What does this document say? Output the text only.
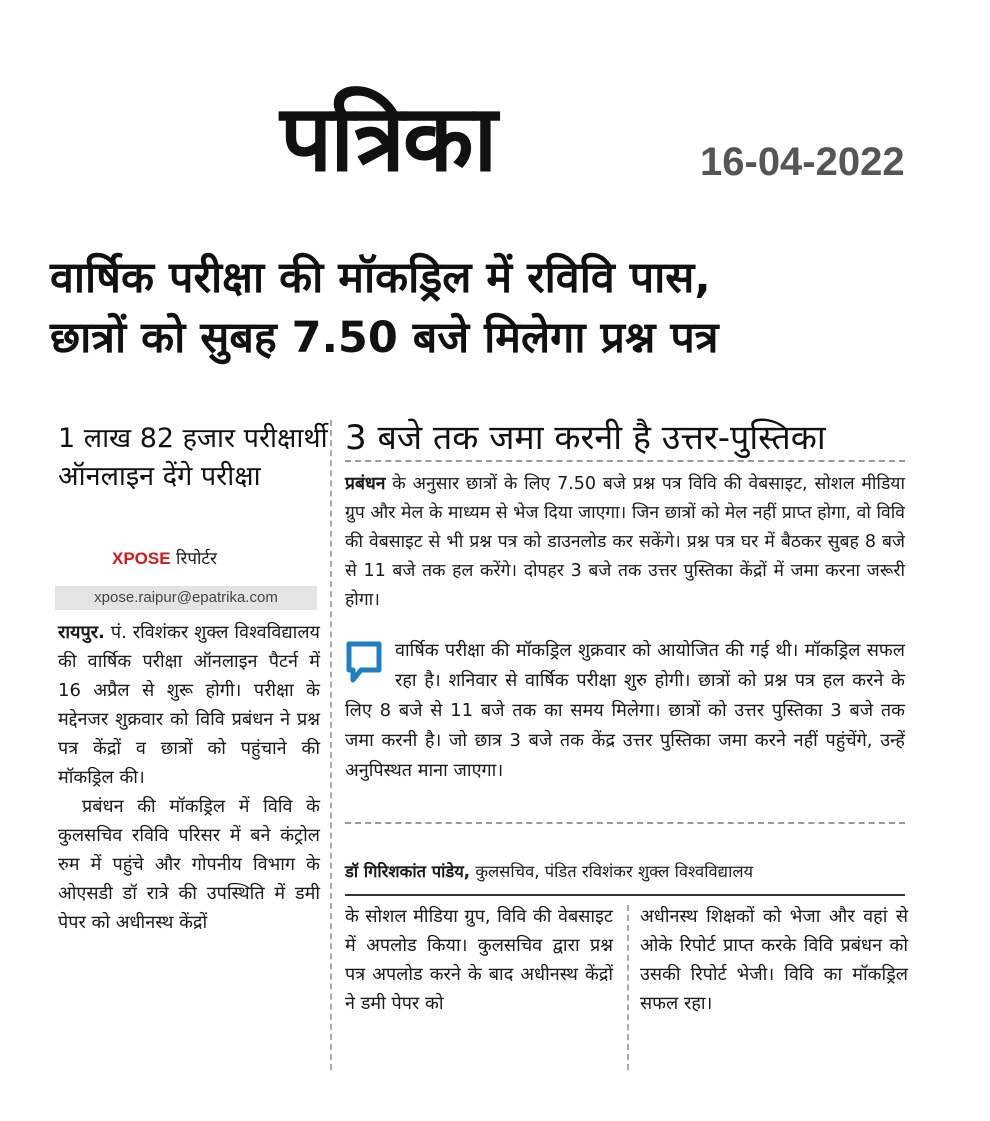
पत्रिका	16-04-2022
वार्षिक परीक्षा की मॉकड्रिल में रविवि पास,
छात्रों को सुबह 7.50 बजे मिलेगा प्रश्न पत्र
1 लाख 82 हजार परीक्षार्थी ऑनलाइन देंगे परीक्षा
XPOSE रिपोर्टर
xpose.raipur@epatrika.com

रायपुर. पं. रविशंकर शुक्ल विश्वविद्यालय की वार्षिक परीक्षा ऑनलाइन पैटर्न में 16 अप्रैल से शुरू होगी। परीक्षा के मद्देनजर शुक्रवार को विवि प्रबंधन ने प्रश्न पत्र केंद्रों व छात्रों को पहुंचाने की मॉकड्रिल की।

प्रबंधन की मॉकड्रिल में विवि के कुलसचिव रविवि परिसर में बने कंट्रोल रुम में पहुंचे और गोपनीय विभाग के ओएसडी डॉ रात्रे की उपस्थिति में डमी पेपर को अधीनस्थ केंद्रों

3 बजे तक जमा करनी है उत्तर-पुस्तिका
प्रबंधन के अनुसार छात्रों के लिए 7.50 बजे प्रश्न पत्र विवि की वेबसाइट, सोशल मीडिया ग्रुप और मेल के माध्यम से भेज दिया जाएगा। जिन छात्रों को मेल नहीं प्राप्त होगा, वो विवि की वेबसाइट से भी प्रश्न पत्र को डाउनलोड कर सकेंगे। प्रश्न पत्र घर में बैठकर सुबह 8 बजे से 11 बजे तक हल करेंगे। दोपहर 3 बजे तक उत्तर पुस्तिका केंद्रों में जमा करना जरूरी होगा।
वार्षिक परीक्षा की मॉकड्रिल शुक्रवार को आयोजित की गई थी। मॉकड्रिल सफल रहा है। शनिवार से वार्षिक परीक्षा शुरु होगी। छात्रों को प्रश्न पत्र हल करने के लिए 8 बजे से 11 बजे तक का समय मिलेगा। छात्रों को उत्तर पुस्तिका 3 बजे तक जमा करनी है। जो छात्र 3 बजे तक केंद्र उत्तर पुस्तिका जमा करने नहीं पहुंचेंगे, उन्हें अनुपिस्थत माना जाएगा।
डॉ गिरिशकांत पांडेय, कुलसचिव, पंडित रविशंकर शुक्ल विश्वविद्यालय
के सोशल मीडिया ग्रुप, विवि की वेबसाइट में अपलोड किया। कुलसचिव द्वारा प्रश्न पत्र अपलोड करने के बाद अधीनस्थ केंद्रों ने डमी पेपर को
अधीनस्थ शिक्षकों को भेजा और वहां से ओके रिपोर्ट प्राप्त करके विवि प्रबंधन को उसकी रिपोर्ट भेजी। विवि का मॉकड्रिल सफल रहा।
